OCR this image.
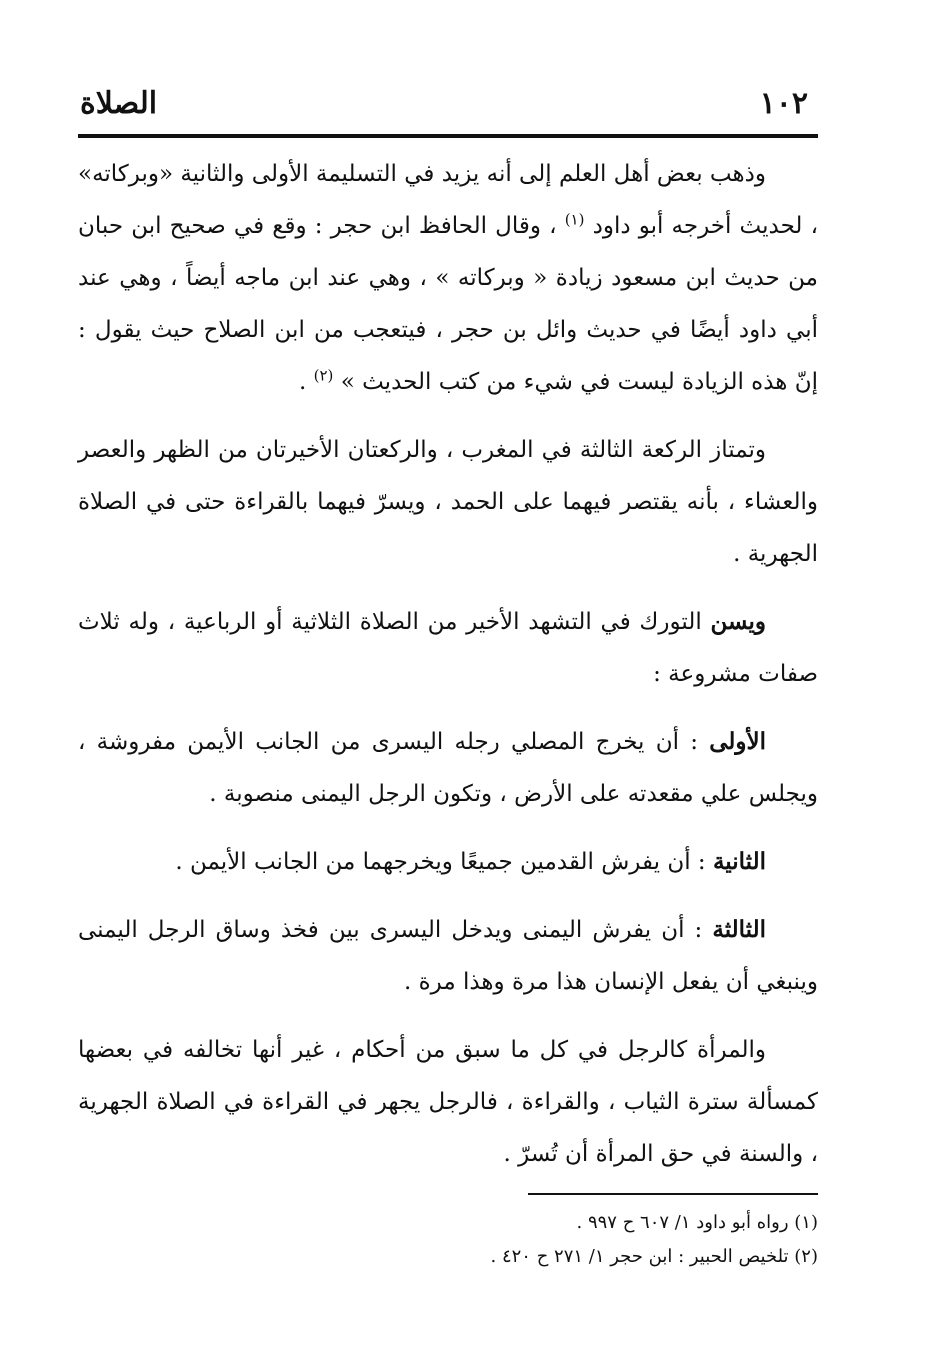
١٠٢
الصلاة

وذهب بعض أهل العلم إلى أنه يزيد في التسليمة الأولى والثانية «وبركاته» ، لحديث أخرجه أبو داود $^{(١)}$ ، وقال الحافظ ابن حجر : وقع في صحيح ابن حبان من حديث ابن مسعود زيادة « وبركاته » ، وهي عند ابن ماجه أيضاً ، وهي عند أبي داود أيضًا في حديث وائل بن حجر ، فيتعجب من ابن الصلاح حيث يقول : إنّ هذه الزيادة ليست في شيء من كتب الحديث » $^{(٢)}$ .

وتمتاز الركعة الثالثة في المغرب ، والركعتان الأخيرتان من الظهر والعصر والعشاء ، بأنه يقتصر فيهما على الحمد ، ويسرّ فيهما بالقراءة حتى في الصلاة الجهرية .

ويسن التورك في التشهد الأخير من الصلاة الثلاثية أو الرباعية ، وله ثلاث صفات مشروعة :

الأولى : أن يخرج المصلي رجله اليسرى من الجانب الأيمن مفروشة ، ويجلس علي مقعدته على الأرض ، وتكون الرجل اليمنى منصوبة .

الثانية : أن يفرش القدمين جميعًا ويخرجهما من الجانب الأيمن .

الثالثة : أن يفرش اليمنى ويدخل اليسرى بين فخذ وساق الرجل اليمنى وينبغي أن يفعل الإنسان هذا مرة وهذا مرة .

والمرأة كالرجل في كل ما سبق من أحكام ، غير أنها تخالفه في بعضها كمسألة سترة الثياب ، والقراءة ، فالرجل يجهر في القراءة في الصلاة الجهرية ، والسنة في حق المرأة أن تُسرّ .

(١) رواه أبو داود ١/ ٦٠٧ ح ٩٩٧ .

(٢) تلخيص الحبير : ابن حجر ١/ ٢٧١ ح ٤٢٠ .
